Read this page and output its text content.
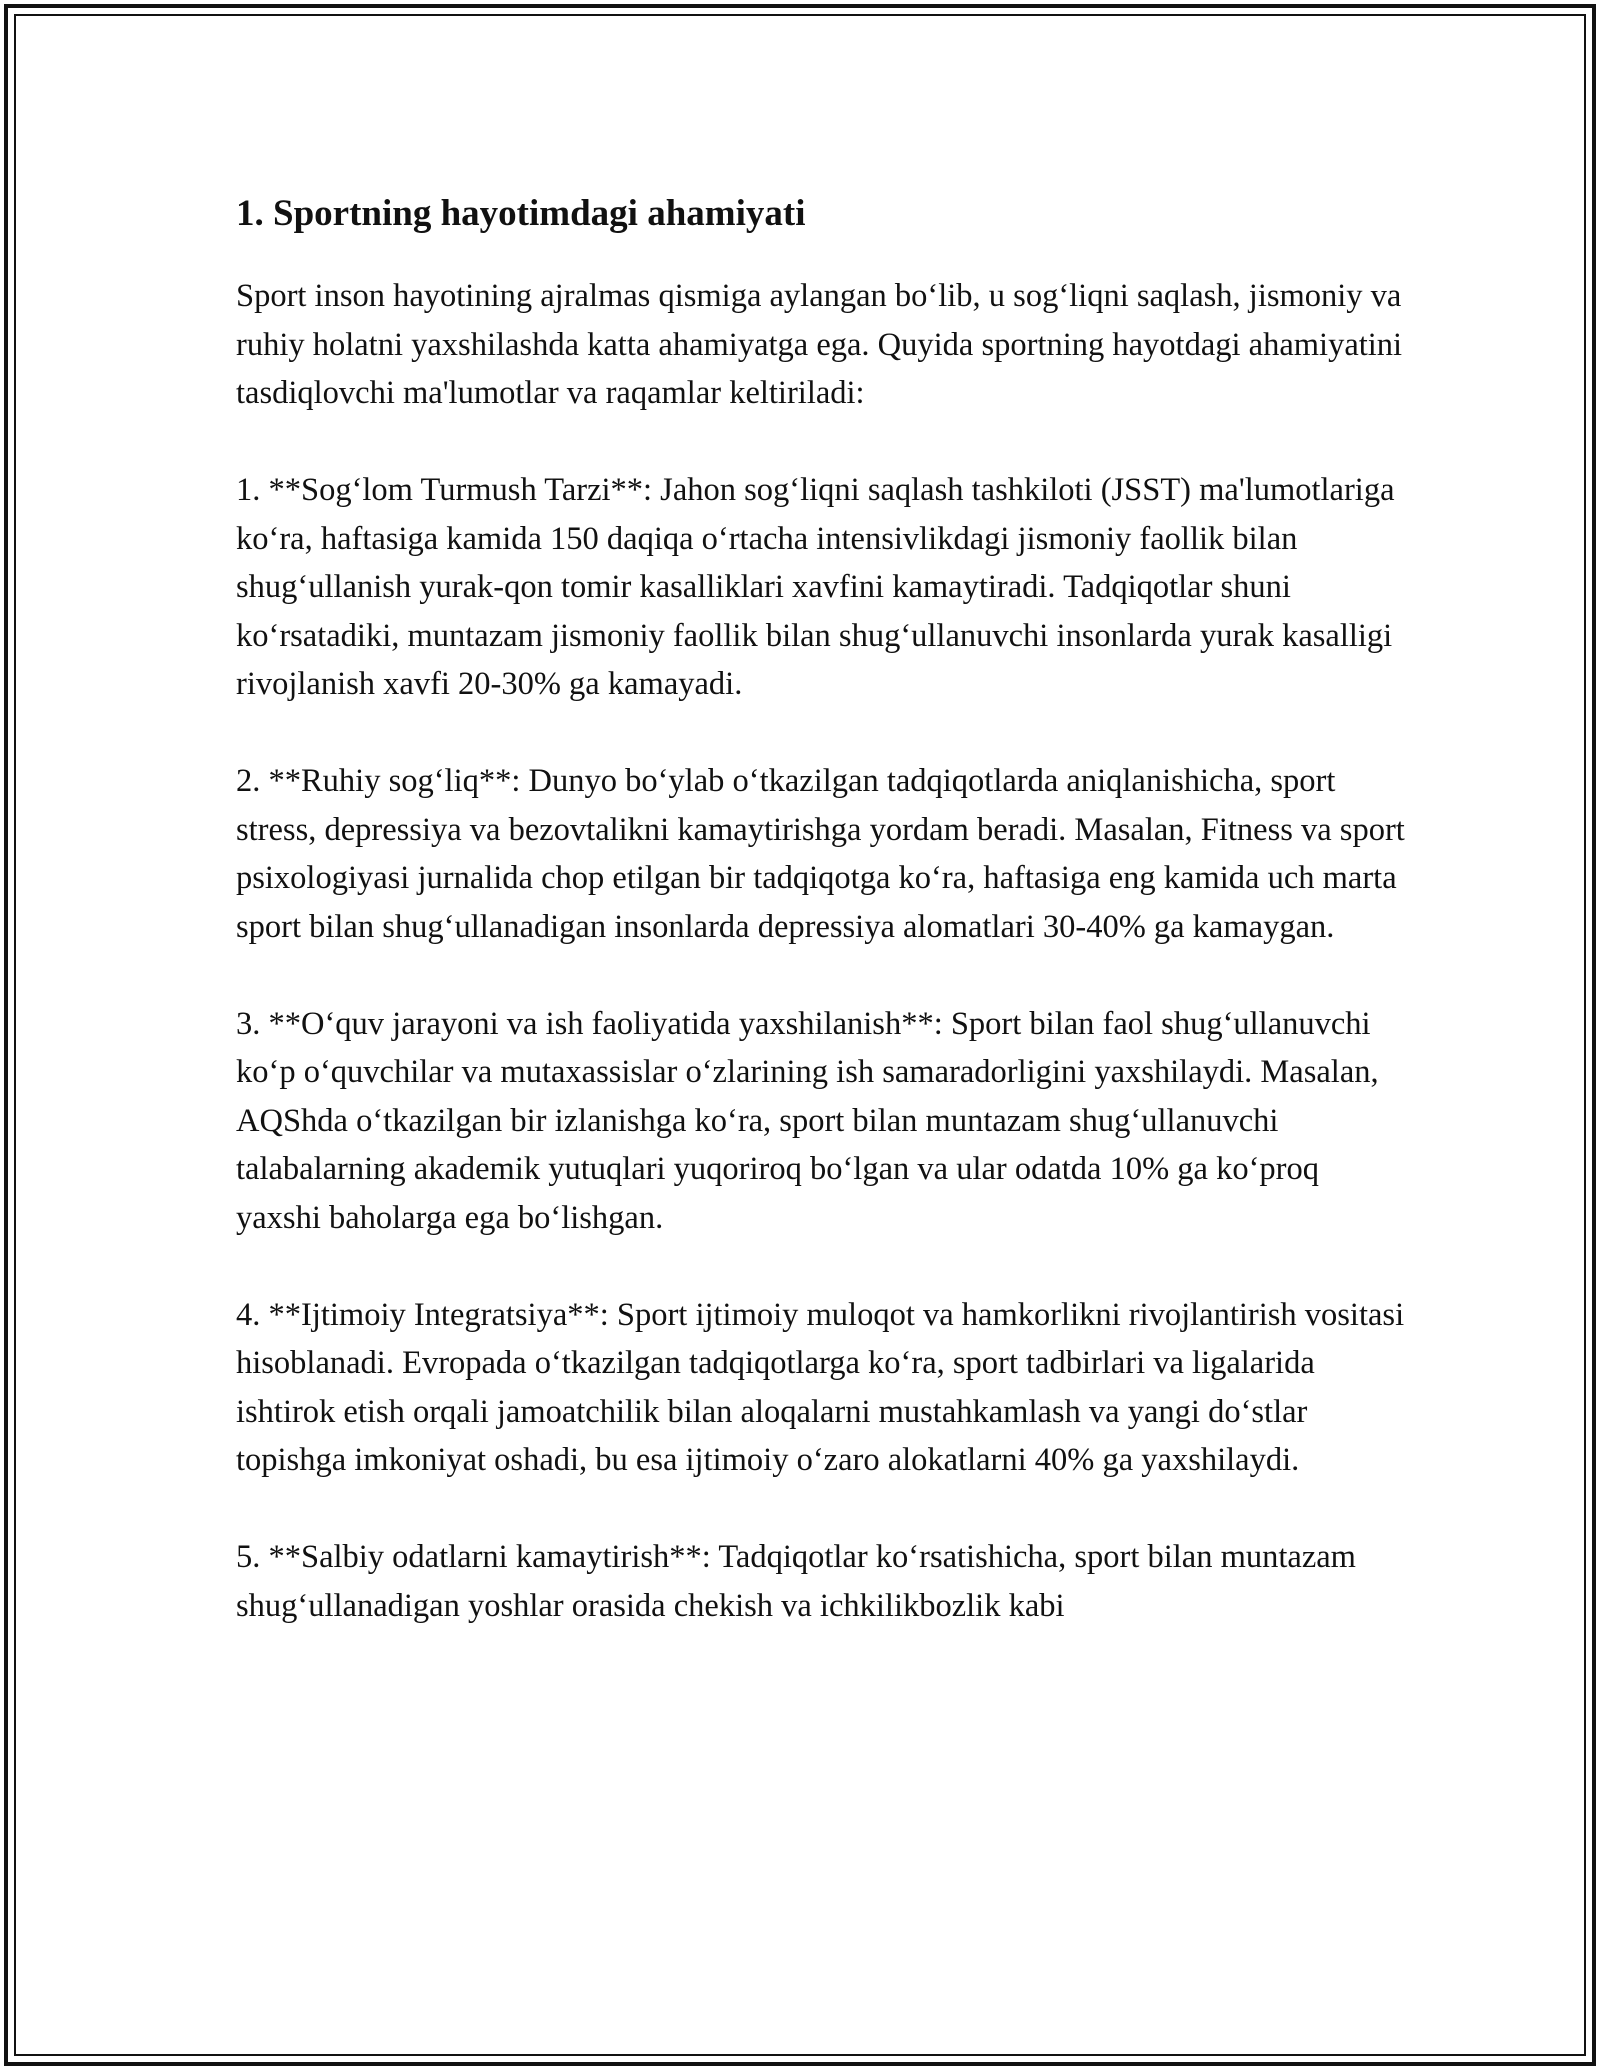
1. Sportning hayotimdagi ahamiyati

Sport inson hayotining ajralmas qismiga aylangan bo‘lib, u sog‘liqni saqlash, jismoniy va ruhiy holatni yaxshilashda katta ahamiyatga ega. Quyida sportning hayotdagi ahamiyatini tasdiqlovchi ma'lumotlar va raqamlar keltiriladi:

1. **Sog‘lom Turmush Tarzi**: Jahon sog‘liqni saqlash tashkiloti (JSST) ma'lumotlariga ko‘ra, haftasiga kamida 150 daqiqa o‘rtacha intensivlikdagi jismoniy faollik bilan shug‘ullanish yurak-qon tomir kasalliklari xavfini kamaytiradi. Tadqiqotlar shuni ko‘rsatadiki, muntazam jismoniy faollik bilan shug‘ullanuvchi insonlarda yurak kasalligi rivojlanish xavfi 20-30% ga kamayadi.

2. **Ruhiy sog‘liq**: Dunyo bo‘ylab o‘tkazilgan tadqiqotlarda aniqlanishicha, sport stress, depressiya va bezovtalikni kamaytirishga yordam beradi. Masalan, Fitness va sport psixologiyasi jurnalida chop etilgan bir tadqiqotga ko‘ra, haftasiga eng kamida uch marta sport bilan shug‘ullanadigan insonlarda depressiya alomatlari 30-40% ga kamaygan.

3. **O‘quv jarayoni va ish faoliyatida yaxshilanish**: Sport bilan faol shug‘ullanuvchi ko‘p o‘quvchilar va mutaxassislar o‘zlarining ish samaradorligini yaxshilaydi. Masalan, AQShda o‘tkazilgan bir izlanishga ko‘ra, sport bilan muntazam shug‘ullanuvchi talabalarning akademik yutuqlari yuqoriroq bo‘lgan va ular odatda 10% ga ko‘proq yaxshi baholarga ega bo‘lishgan.

4. **Ijtimoiy Integratsiya**: Sport ijtimoiy muloqot va hamkorlikni rivojlantirish vositasi hisoblanadi. Evropada o‘tkazilgan tadqiqotlarga ko‘ra, sport tadbirlari va ligalarida ishtirok etish orqali jamoatchilik bilan aloqalarni mustahkamlash va yangi do‘stlar topishga imkoniyat oshadi, bu esa ijtimoiy o‘zaro alokatlarni 40% ga yaxshilaydi.

5. **Salbiy odatlarni kamaytirish**: Tadqiqotlar ko‘rsatishicha, sport bilan muntazam shug‘ullanadigan yoshlar orasida chekish va ichkilikbozlik kabi
